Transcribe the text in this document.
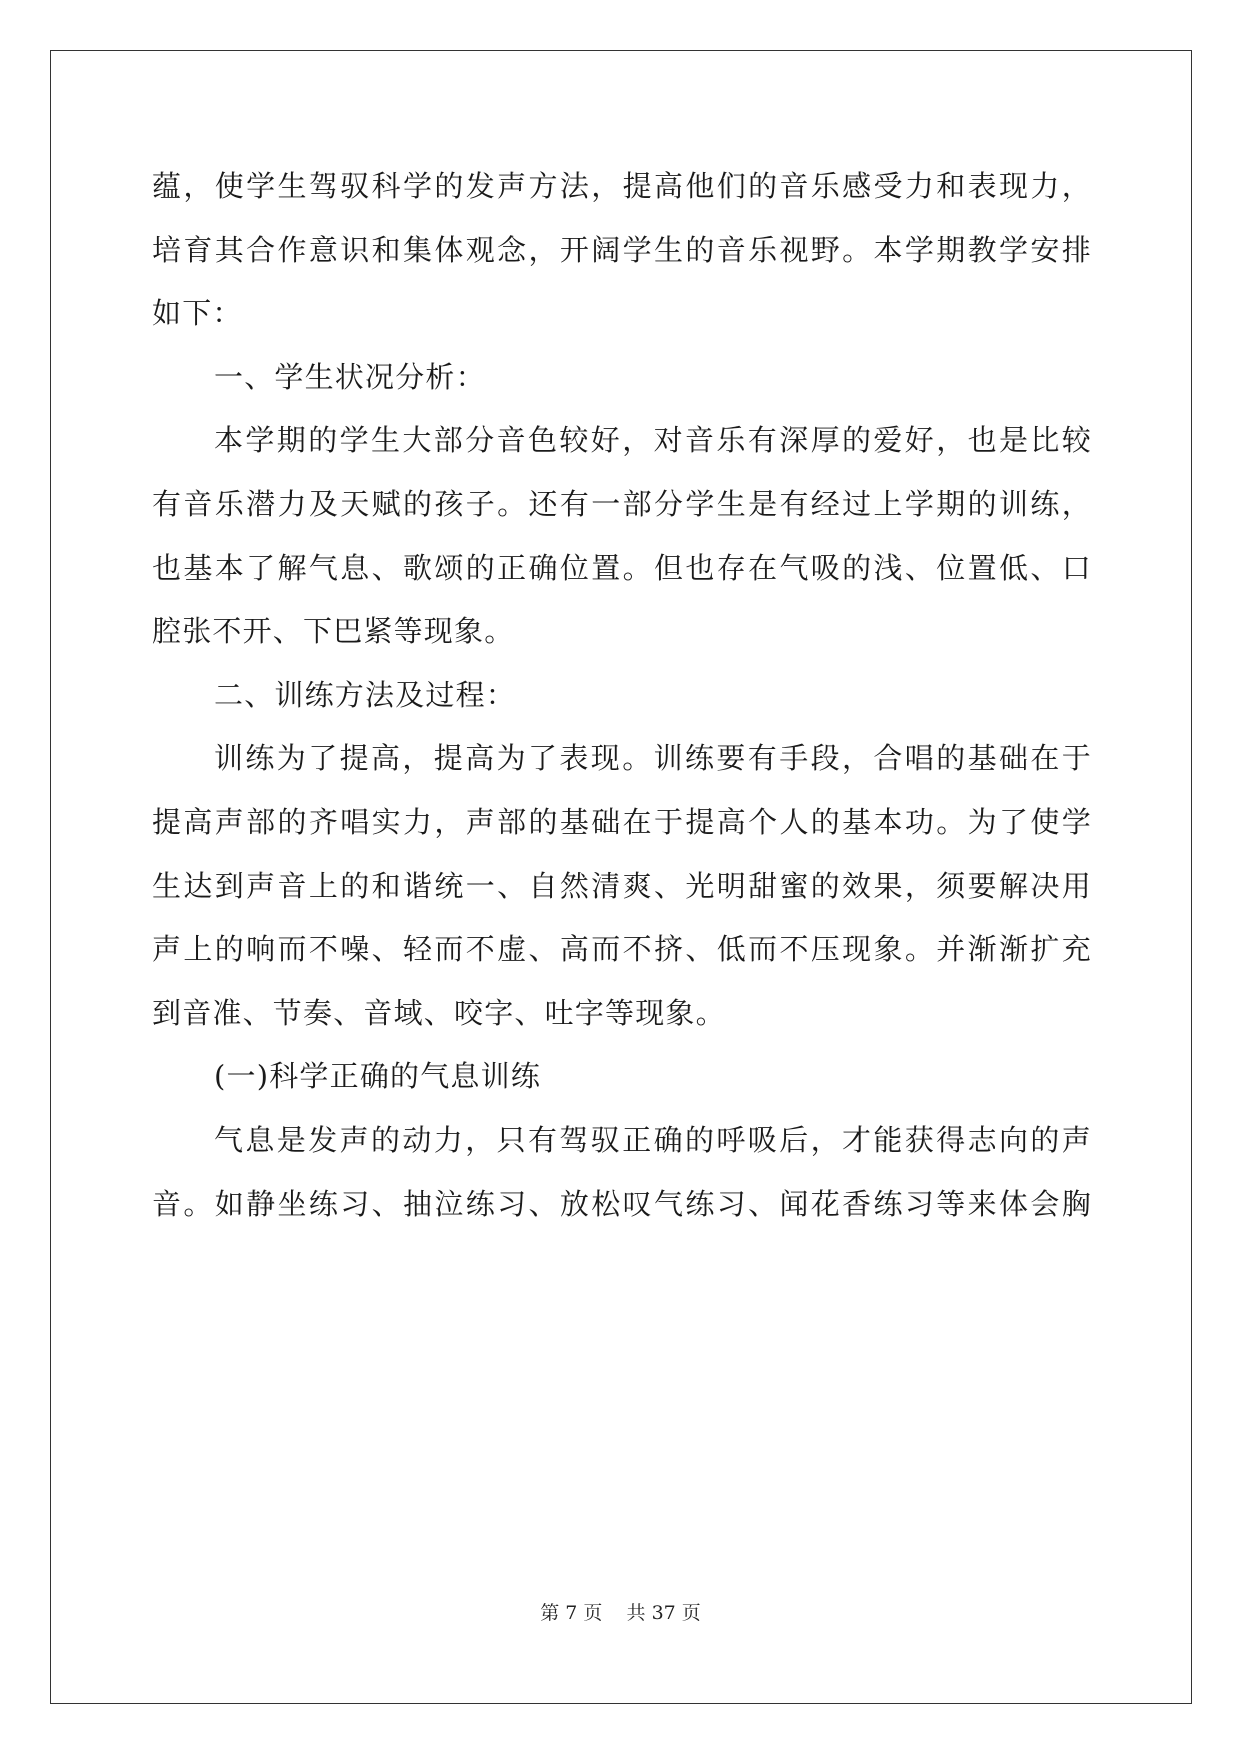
蕴，使学生驾驭科学的发声方法，提高他们的音乐感受力和表现力，
培育其合作意识和集体观念，开阔学生的音乐视野。本学期教学安排
如下：
一、学生状况分析：
本学期的学生大部分音色较好，对音乐有深厚的爱好，也是比较
有音乐潜力及天赋的孩子。还有一部分学生是有经过上学期的训练，
也基本了解气息、歌颂的正确位置。但也存在气吸的浅、位置低、口
腔张不开、下巴紧等现象。
二、训练方法及过程：
训练为了提高，提高为了表现。训练要有手段，合唱的基础在于
提高声部的齐唱实力，声部的基础在于提高个人的基本功。为了使学
生达到声音上的和谐统一、自然清爽、光明甜蜜的效果，须要解决用
声上的响而不噪、轻而不虚、高而不挤、低而不压现象。并渐渐扩充
到音准、节奏、音域、咬字、吐字等现象。
(一)科学正确的气息训练
气息是发声的动力，只有驾驭正确的呼吸后，才能获得志向的声
音。如静坐练习、抽泣练习、放松叹气练习、闻花香练习等来体会胸
第 7 页    共 37 页
